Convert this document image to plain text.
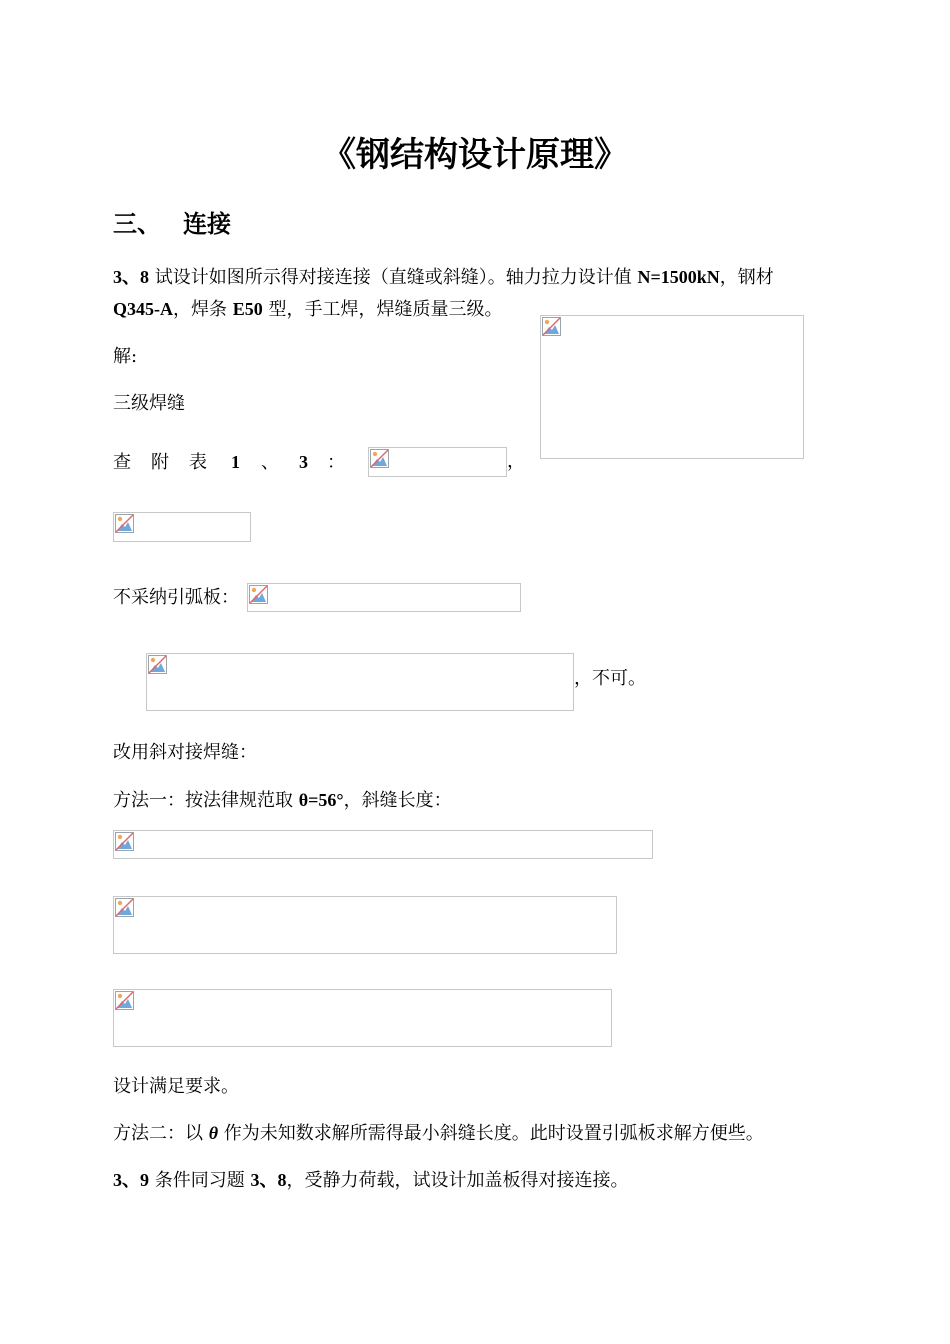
《钢结构设计原理》
三、 连接
3、8 试设计如图所示得对接连接（直缝或斜缝）。轴力拉力设计值 N=1500kN，钢材
Q345-A，焊条 E50 型，手工焊，焊缝质量三级。
解:
三级焊缝
查 附 表 1 、 3 ：	，
不采纳引弧板：
，不可。
改用斜对接焊缝：
方法一：按法律规范取 θ=56°，斜缝长度：
设计满足要求。
方法二：以 θ 作为未知数求解所需得最小斜缝长度。此时设置引弧板求解方便些。
3、9 条件同习题 3、8，受静力荷载，试设计加盖板得对接连接。
